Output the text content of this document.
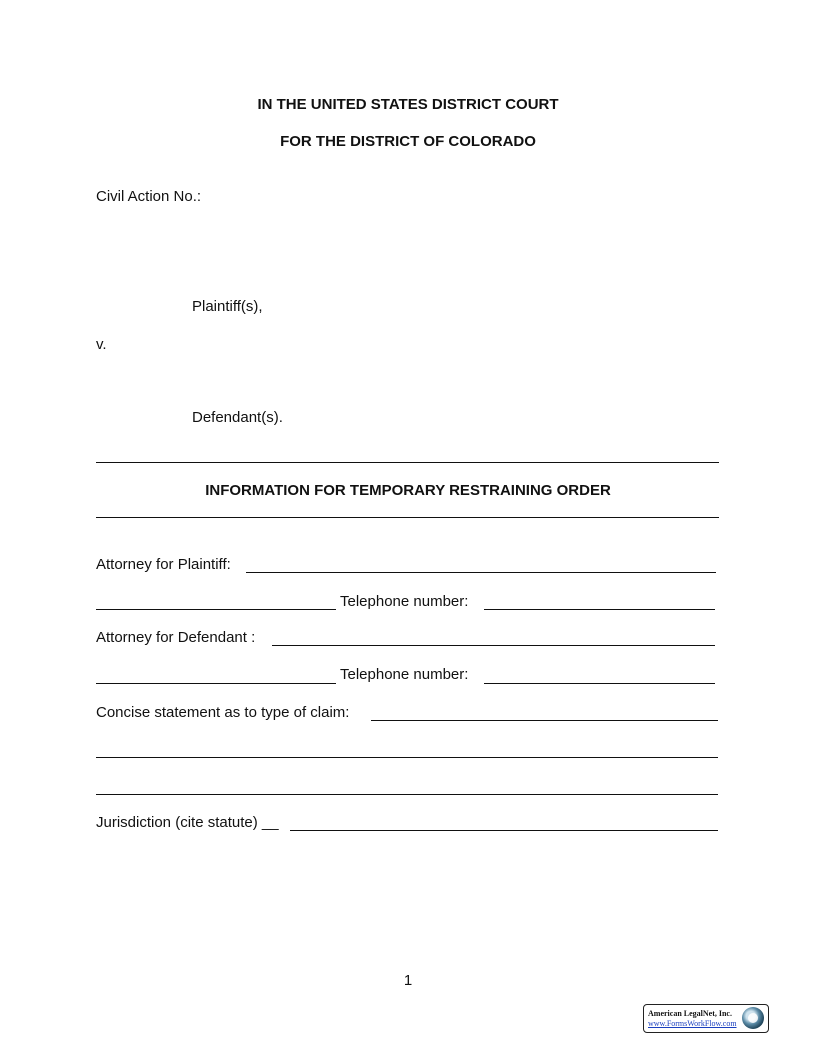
IN THE UNITED STATES DISTRICT COURT
FOR THE DISTRICT OF COLORADO
Civil Action No.:
Plaintiff(s),
v.
Defendant(s).
INFORMATION FOR TEMPORARY RESTRAINING ORDER
Attorney for Plaintiff:
Telephone number:
Attorney for Defendant :
Telephone number:
Concise statement as to type of claim:
Jurisdiction (cite statute) __
1
American LegalNet, Inc.
www.FormsWorkFlow.com
